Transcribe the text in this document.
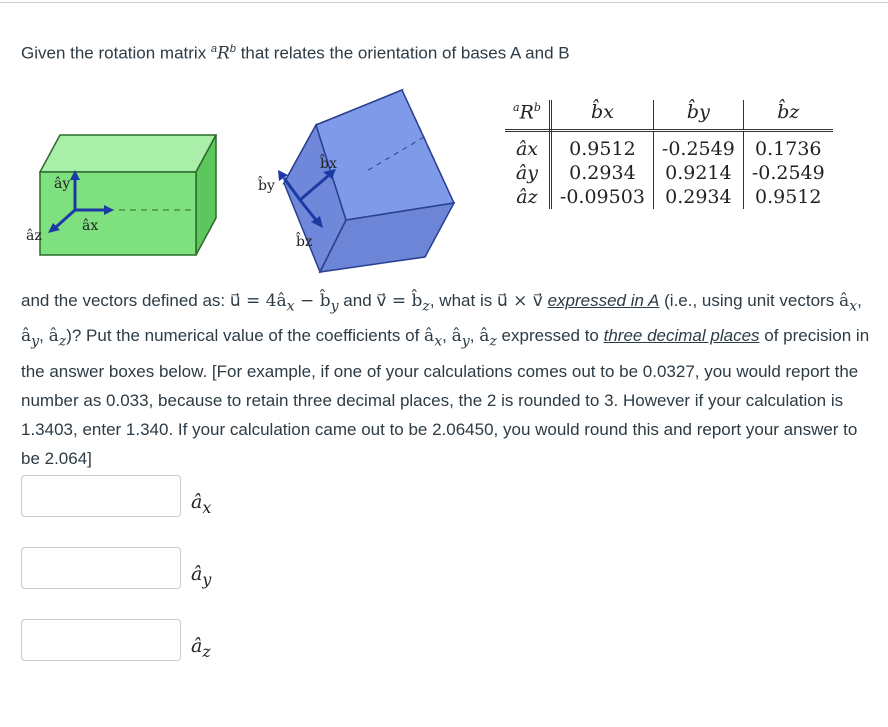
Given the rotation matrix $^aR^b$ that relates the orientation of bases A and B
ây
âz
âx
b̂x
b̂y
b̂z
$^aR^b$	b̂x	b̂y	b̂z
âx	0.9512	-0.2549	0.1736
ây	0.2934	0.9214	-0.2549
âz	-0.09503	0.2934	0.9512
and the vectors defined as: u⃗ = $4â_x$ − $b̂_y$ and v⃗ = $b̂_z$, what is u⃗ × v⃗ expressed in A (i.e., using unit vectors $â_x$, $â_y$, $â_z$)? Put the numerical value of the coefficients of $â_x$, $â_y$, $â_z$ expressed to three decimal places of precision in the answer boxes below. [For example, if one of your calculations comes out to be 0.0327, you would report the number as 0.033, because to retain three decimal places, the 2 is rounded to 3. However if your calculation is 1.3403, enter 1.340. If your calculation came out to be 2.06450, you would round this and report your answer to be 2.064]
$â_x$
$â_y$
$â_z$
